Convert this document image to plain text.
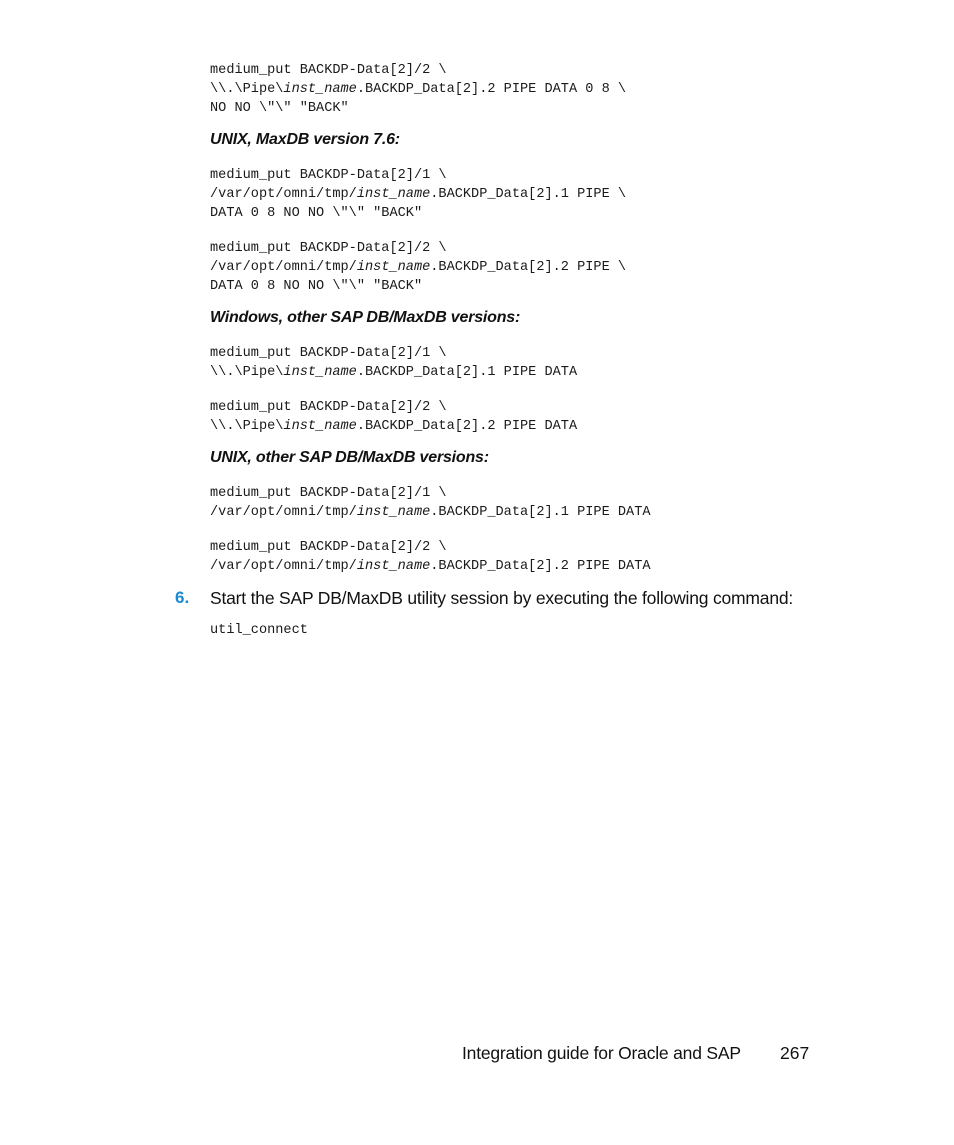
medium_put BACKDP-Data[2]/2 \
\\.\Pipe\inst_name.BACKDP_Data[2].2 PIPE DATA 0 8 \
NO NO \"\" "BACK"
UNIX, MaxDB version 7.6:
medium_put BACKDP-Data[2]/1 \
/var/opt/omni/tmp/inst_name.BACKDP_Data[2].1 PIPE \
DATA 0 8 NO NO \"\" "BACK"
medium_put BACKDP-Data[2]/2 \
/var/opt/omni/tmp/inst_name.BACKDP_Data[2].2 PIPE \
DATA 0 8 NO NO \"\" "BACK"
Windows, other SAP DB/MaxDB versions:
medium_put BACKDP-Data[2]/1 \
\\.\Pipe\inst_name.BACKDP_Data[2].1 PIPE DATA
medium_put BACKDP-Data[2]/2 \
\\.\Pipe\inst_name.BACKDP_Data[2].2 PIPE DATA
UNIX, other SAP DB/MaxDB versions:
medium_put BACKDP-Data[2]/1 \
/var/opt/omni/tmp/inst_name.BACKDP_Data[2].1 PIPE DATA
medium_put BACKDP-Data[2]/2 \
/var/opt/omni/tmp/inst_name.BACKDP_Data[2].2 PIPE DATA
6. Start the SAP DB/MaxDB utility session by executing the following command:
util_connect
Integration guide for Oracle and SAP 267
